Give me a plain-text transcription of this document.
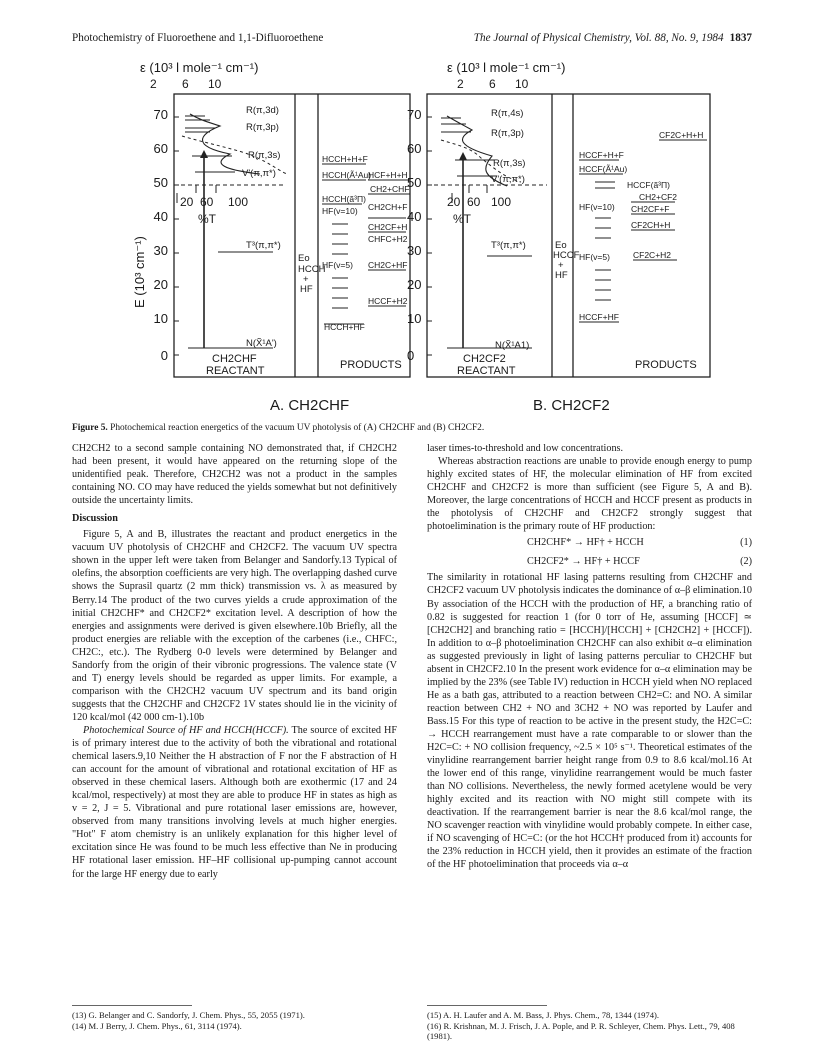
Photochemistry of Fluoroethene and 1,1-Difluoroethene	The Journal of Physical Chemistry, Vol. 88, No. 9, 1984 1837
ε (10³ l mole⁻¹ cm⁻¹)
2 6 10
E (10³ cm⁻¹)
0
10
20
30
40
50
60
70
20 60 100
%T
R(π,3d)
R(π,3p)
R(π,3s)
V'(π,π*)
T³(π,π*)
N(X̃¹A')
Eo
HCCH
+
HF
CH2CHF
REACTANT	PRODUCTS
HCCH+H+F
HCCH(Ã¹Au)
HCF+H+H
CH2+CHF
HCCH(ã³Π)
HF(v=10) CH2CH+F
CH2CF+H
CHFC+H2
HF(v=5) CH2C+HF
HCCF+H2
HCCH+HF
A. CH2CHF
ε (10³ l mole⁻¹ cm⁻¹)
2 6 10
0
10
20
30
40
50
60
70
20 60 100
%T
R(π,4s)
R(π,3p)
R(π,3s)
V'(π,π*)
T³(π,π*)
N(X̃¹A1)
Eo
HCCF
+
HF
CH2CF2
REACTANT	PRODUCTS
CF2C+H+H
HCCF+H+F
HCCF(Ã¹Au)
HCCF(ã³Π)
CH2+CF2
CH2CF+F
CF2CH+H
HF(v=10)
HF(v=5)	CF2C+H2
HCCF+HF
B. CH2CF2
Figure 5. Photochemical reaction energetics of the vacuum UV photolysis of (A) CH2CHF and (B) CH2CF2.

CH2CH2 to a second sample containing NO demonstrated that, if CH2CH2 had been present, it would have appeared on the returning slope of the unidentified peak. Therefore, CH2CH2 was not a product in the samples containing NO. CO may have reduced the yields somewhat but not definitively outside the uncertainty limits.

Discussion

Figure 5, A and B, illustrates the reactant and product energetics in the vacuum UV photolysis of CH2CHF and CH2CF2. The vacuum UV spectra shown in the upper left were taken from Belanger and Sandorfy.13 Typical of olefins, the absorption coefficients are very high. The overlapping dashed curve shows the Suprasil quartz (2 mm thick) transmission vs. λ as measured by Berry.14 The product of the two curves yields a crude approximation of the initial CH2CHF* and CH2CF2* excitation level. A description of how the energies and assignments were derived is given elsewhere.10b Briefly, all the product energies are reliable with the exception of the carbenes (i.e., CHFC:, CH2C:, etc.). The Rydberg 0-0 levels were determined by Belanger and Sandorfy from the origin of their vibronic progressions. The valence state (V and T) energy levels should be regarded as upper limits. For example, a comparison with the CH2CH2 vacuum UV spectrum and its band origin suggests that the CH2CHF and CH2CF2 1V states should lie in the vicinity of 120 kcal/mol (42 000 cm-1).10b

Photochemical Source of HF and HCCH(HCCF). The source of excited HF is of primary interest due to the activity of both the vibrational and rotational chemical lasers.9,10 Neither the H abstraction of F nor the F abstraction of H can account for the amount of vibrational and rotational excitation of HF as observed in these chemical lasers. Although both are exothermic (17 and 24 kcal/mol, respectively) at most they are able to produce HF in states as high as v = 2, J = 5. Vibrational and pure rotational laser emissions are, however, observed from many transitions involving levels at much higher energies. "Hot" F atom chemistry is an unlikely explanation for this higher level of excitation since He was found to be much less effective than Ne in producing HF rotational laser emission. HF–HF collisional up-pumping cannot account for the large HF energy due to early

laser times-to-threshold and low concentrations.

Whereas abstraction reactions are unable to provide enough energy to pump highly excited states of HF, the molecular elimination of HF from excited CH2CHF and CH2CF2 is more than sufficient (see Figure 5, A and B). Moreover, the large concentrations of HCCH and HCCF present as products in the photolysis of CH2CHF and CH2CF2 strongly suggest that photoelimination is the primary route of HF production:

CH2CHF* → HF† + HCCH	(1)
CH2CF2* → HF† + HCCF	(2)

The similarity in rotational HF lasing patterns resulting from CH2CHF and CH2CF2 vacuum UV photolysis indicates the dominance of α–β elimination.10 By association of the HCCH with the production of HF, a branching ratio of 0.82 is suggested for reaction 1 (for 0 torr of He, assuming [HCCF] ≃ [CH2CH2] and branching ratio = [HCCH]/[HCCH] + [CH2CH2] + [HCCF]). In addition to α–β photoelimination CH2CHF can also exhibit α–α elimination as suggested previously in light of lasing patterns perculiar to CH2CHF but absent in CH2CF2.10 In the present work evidence for α–α elimination may be implied by the 23% (see Table IV) reduction in HCCH yield when NO replaced He as a bath gas, attributed to a reaction between CH2=C: and NO. A similar reaction between CH2 + NO and 3CH2 + NO was reported by Laufer and Bass.15 For this type of reaction to be active in the present study, the H2C=C: → HCCH rearrangement must have a rate comparable to or slower than the H2C=C: + NO collision frequency, ~2.5 × 10⁵ s⁻¹. Theoretical estimates of the vinylidine rearrangement barrier height range from 0.9 to 8.6 kcal/mol.16 At the lower end of this range, vinylidine rearrangement would be much faster than NO collisions. Nevertheless, the newly formed acetylene would be very highly excited and its reaction with NO might still compete with its deactivation. If the rearrangement barrier is near the 8.6 kcal/mol range, the NO scavenger reaction with vinylidine would probably compete. In either case, if NO scavenging of HC=C: (or the hot HCCH† produced from it) accounts for the 23% reduction in HCCH yield, then it provides an estimate of the fraction of the HF photoelimination that proceeds via α–α

(13) G. Belanger and C. Sandorfy, J. Chem. Phys., 55, 2055 (1971).
(14) M. J Berry, J. Chem. Phys., 61, 3114 (1974).
(15) A. H. Laufer and A. M. Bass, J. Phys. Chem., 78, 1344 (1974).
(16) R. Krishnan, M. J. Frisch, J. A. Pople, and P. R. Schleyer, Chem. Phys. Lett., 79, 408 (1981).
